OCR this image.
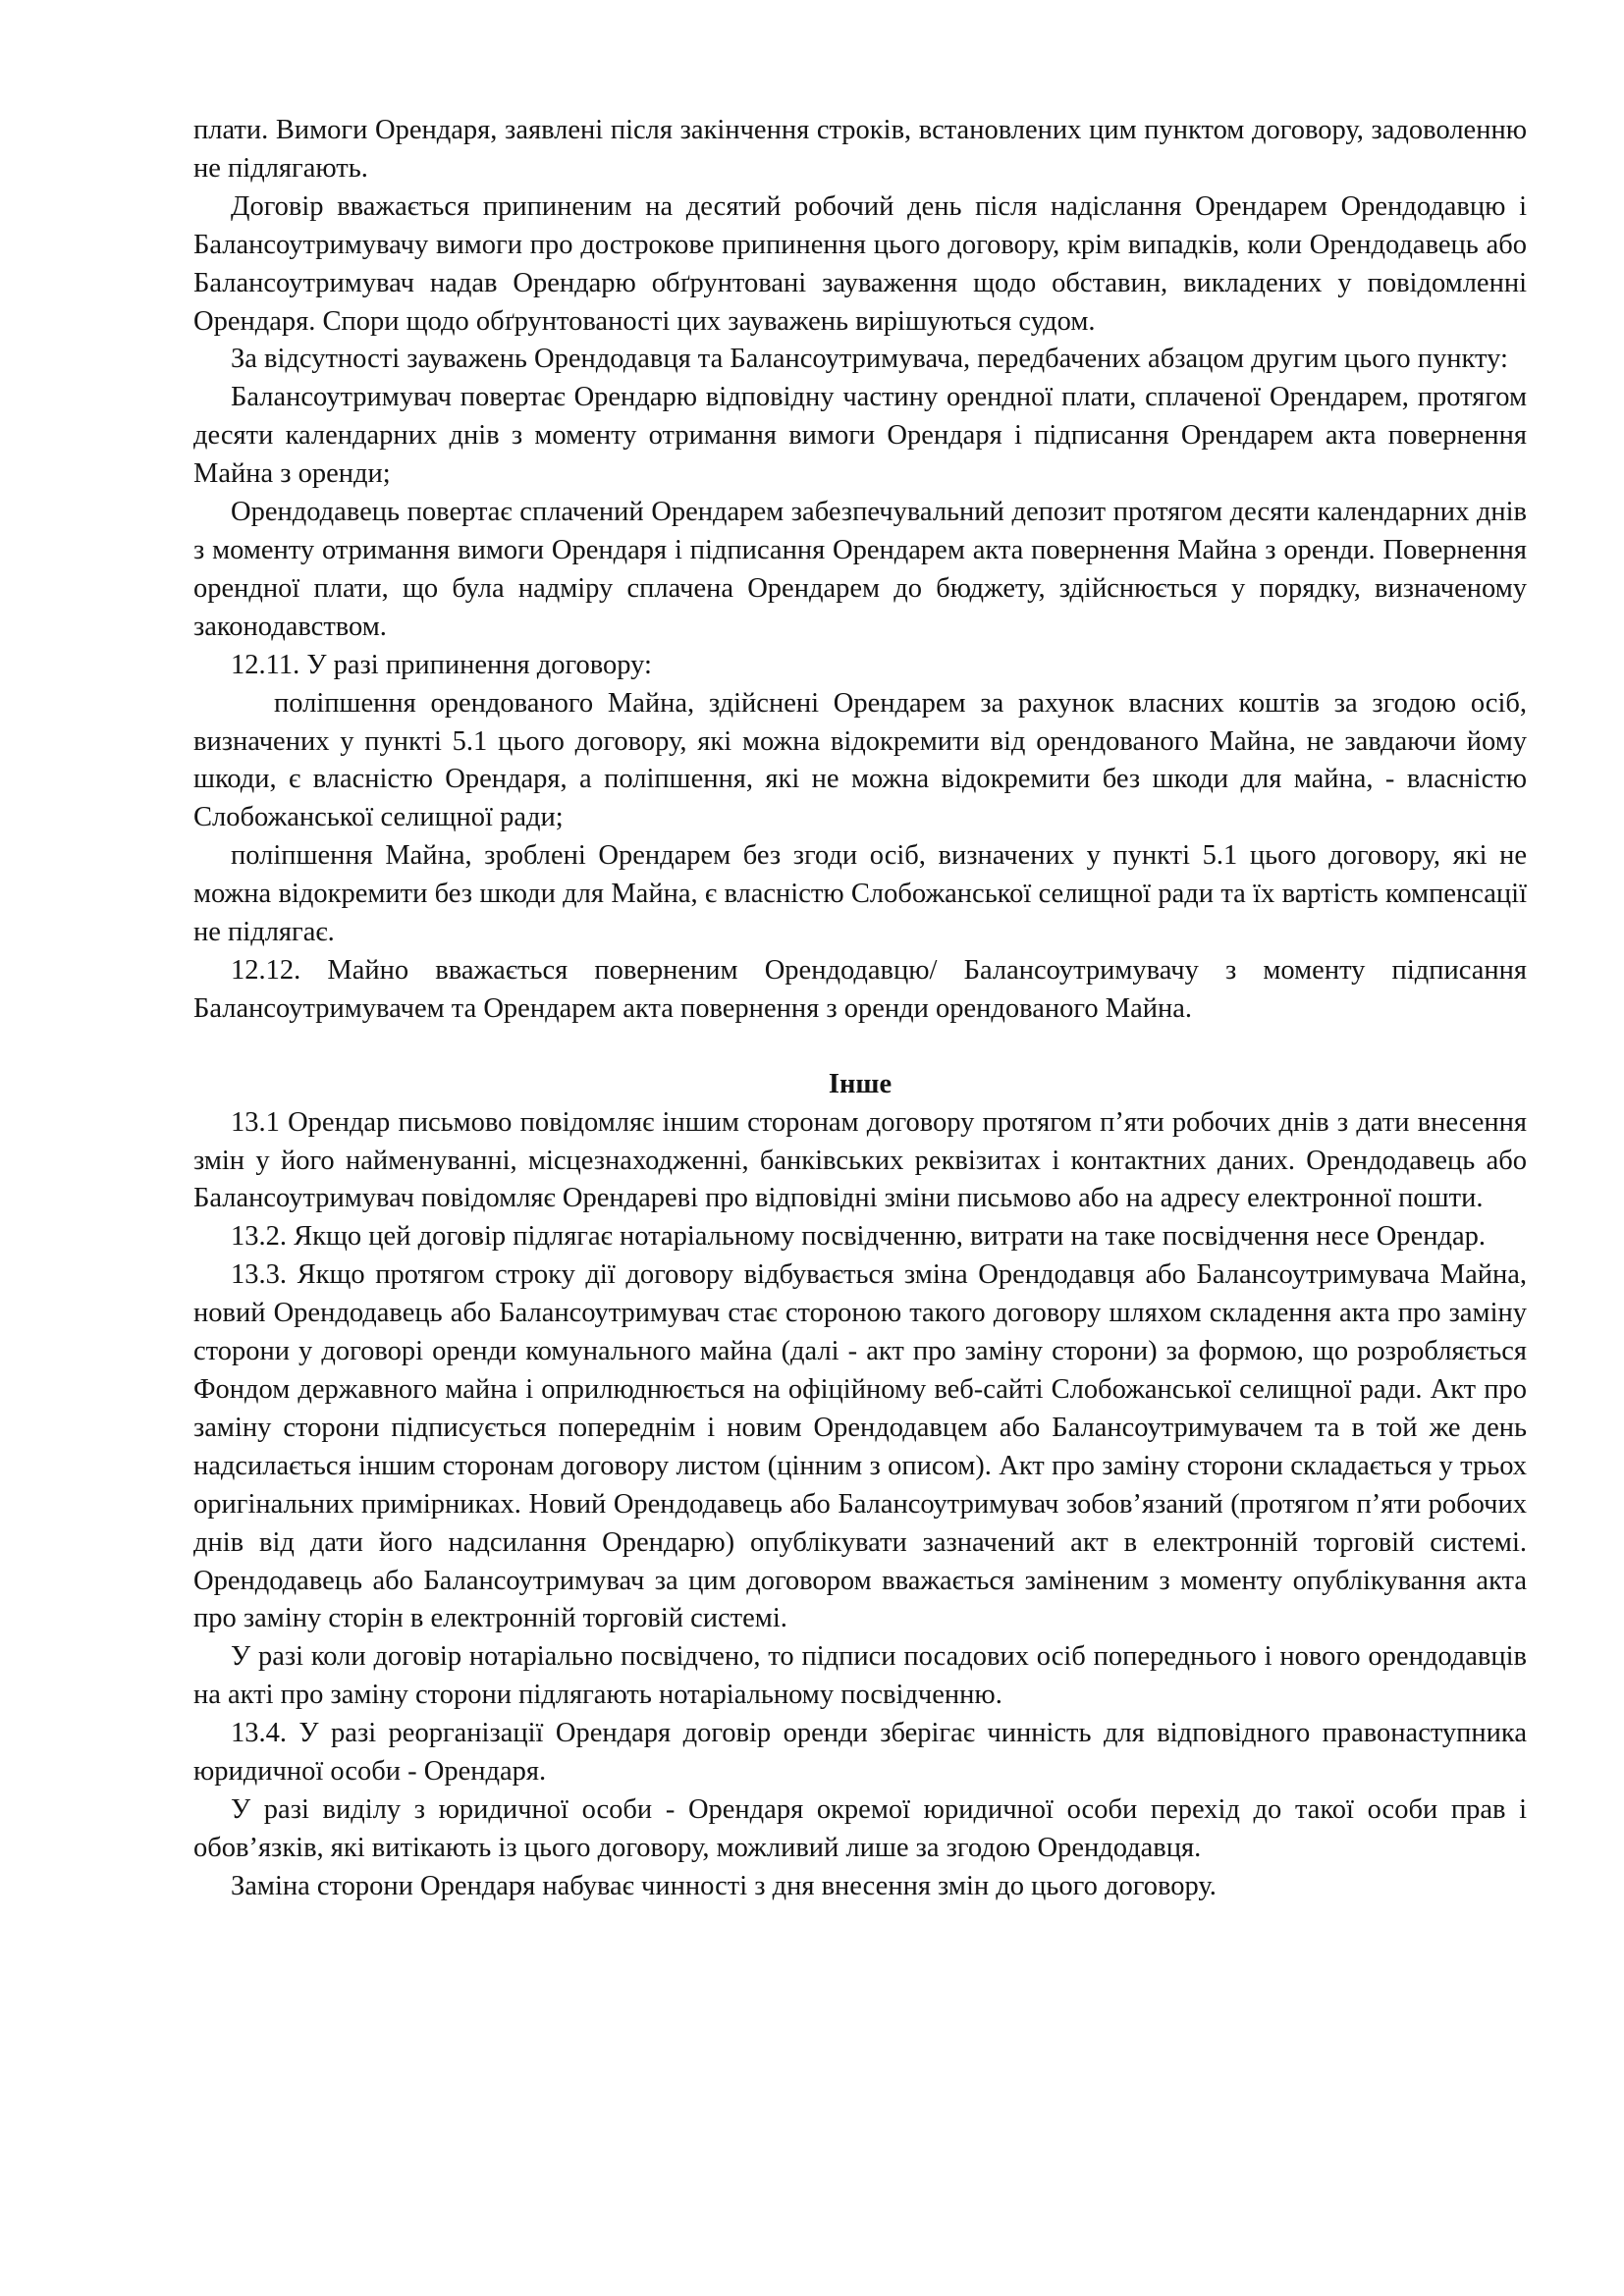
плати. Вимоги Орендаря, заявлені після закінчення строків, встановлених цим пунктом договору, задоволенню не підлягають.

Договір вважається припиненим на десятий робочий день після надіслання Орендарем Орендодавцю і Балансоутримувачу вимоги про дострокове припинення цього договору, крім випадків, коли Орендодавець або Балансоутримувач надав Орендарю обґрунтовані зауваження щодо обставин, викладених у повідомленні Орендаря. Спори щодо обґрунтованості цих зауважень вирішуються судом.

За відсутності зауважень Орендодавця та Балансоутримувача, передбачених абзацом другим цього пункту:

Балансоутримувач повертає Орендарю відповідну частину орендної плати, сплаченої Орендарем, протягом десяти календарних днів з моменту отримання вимоги Орендаря і підписання Орендарем акта повернення Майна з оренди;

Орендодавець повертає сплачений Орендарем забезпечувальний депозит протягом десяти календарних днів з моменту отримання вимоги Орендаря і підписання Орендарем акта повернення Майна з оренди. Повернення орендної плати, що була надміру сплачена Орендарем до бюджету, здійснюється у порядку, визначеному законодавством.

12.11. У разі припинення договору:

поліпшення орендованого Майна, здійснені Орендарем за рахунок власних коштів за згодою осіб, визначених у пункті 5.1 цього договору, які можна відокремити від орендованого Майна, не завдаючи йому шкоди, є власністю Орендаря, а поліпшення, які не можна відокремити без шкоди для майна, - власністю Слобожанської селищної ради;

поліпшення Майна, зроблені Орендарем без згоди осіб, визначених у пункті 5.1 цього договору, які не можна відокремити без шкоди для Майна, є власністю Слобожанської селищної ради та їх вартість компенсації не підлягає.

12.12. Майно вважається поверненим Орендодавцю/ Балансоутримувачу з моменту підписання Балансоутримувачем та Орендарем акта повернення з оренди орендованого Майна.

Інше

13.1 Орендар письмово повідомляє іншим сторонам договору протягом п’яти робочих днів з дати внесення змін у його найменуванні, місцезнаходженні, банківських реквізитах і контактних даних. Орендодавець або Балансоутримувач повідомляє Орендареві про відповідні зміни письмово або на адресу електронної пошти.

13.2. Якщо цей договір підлягає нотаріальному посвідченню, витрати на таке посвідчення несе Орендар.

13.3. Якщо протягом строку дії договору відбувається зміна Орендодавця або Балансоутримувача Майна, новий Орендодавець або Балансоутримувач стає стороною такого договору шляхом складення акта про заміну сторони у договорі оренди комунального майна (далі - акт про заміну сторони) за формою, що розробляється Фондом державного майна і оприлюднюється на офіційному веб-сайті Слобожанської селищної ради. Акт про заміну сторони підписується попереднім і новим Орендодавцем або Балансоутримувачем та в той же день надсилається іншим сторонам договору листом (цінним з описом). Акт про заміну сторони складається у трьох оригінальних примірниках. Новий Орендодавець або Балансоутримувач зобов’язаний (протягом п’яти робочих днів від дати його надсилання Орендарю) опублікувати зазначений акт в електронній торговій системі. Орендодавець або Балансоутримувач за цим договором вважається заміненим з моменту опублікування акта про заміну сторін в електронній торговій системі.

У разі коли договір нотаріально посвідчено, то підписи посадових осіб попереднього і нового орендодавців на акті про заміну сторони підлягають нотаріальному посвідченню.

13.4. У разі реорганізації Орендаря договір оренди зберігає чинність для відповідного правонаступника юридичної особи - Орендаря.

У разі виділу з юридичної особи - Орендаря окремої юридичної особи перехід до такої особи прав і обов’язків, які витікають із цього договору, можливий лише за згодою Орендодавця.

Заміна сторони Орендаря набуває чинності з дня внесення змін до цього договору.
